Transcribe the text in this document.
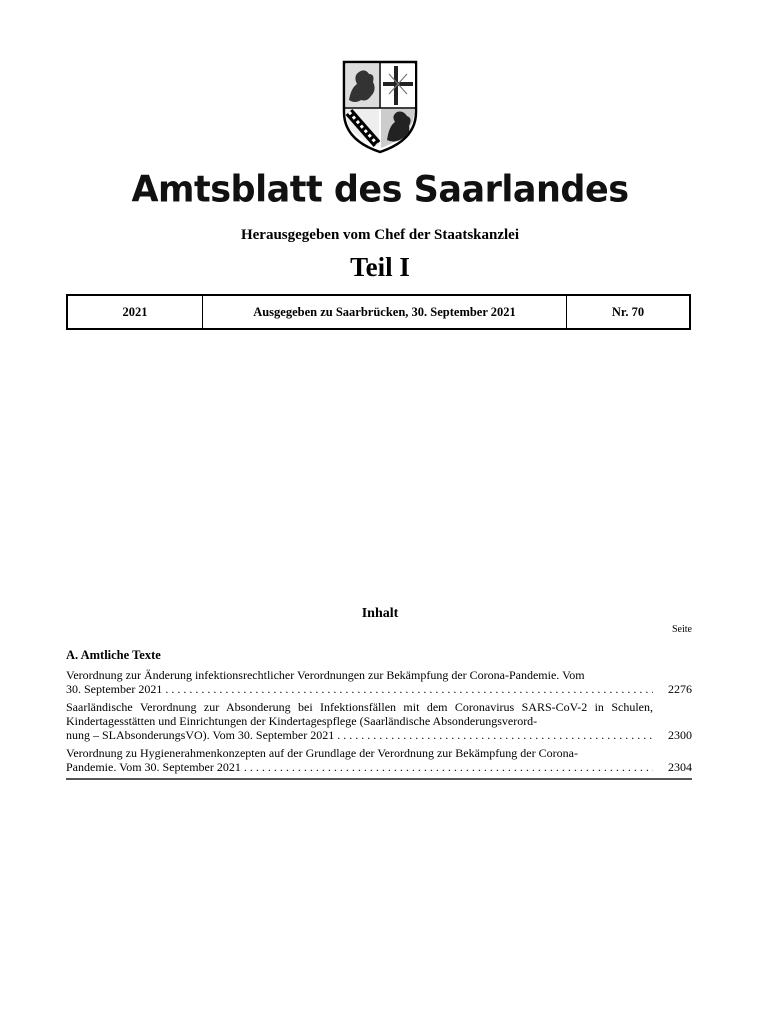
Amtsblatt des Saarlandes
Herausgegeben vom Chef der Staatskanzlei
Teil I
2021	Ausgegeben zu Saarbrücken, 30. September 2021	Nr. 70
Inhalt
Seite
A. Amtliche Texte
Verordnung zur Änderung infektionsrechtlicher Verordnungen zur Bekämpfung der Corona-Pandemie. Vom
30. September 2021 . . .	2276
Saarländische Verordnung zur Absonderung bei Infektionsfällen mit dem Coronavirus SARS-CoV-2 in Schulen, Kindertagesstätten und Einrichtungen der Kindertagespflege (Saarländische Absonderungsverord-
nung – SLAbsonderungsVO). Vom 30. September 2021 . . .	2300
Verordnung zu Hygienerahmenkonzepten auf der Grundlage der Verordnung zur Bekämpfung der Corona-
Pandemie. Vom 30. September 2021 . . .	2304
